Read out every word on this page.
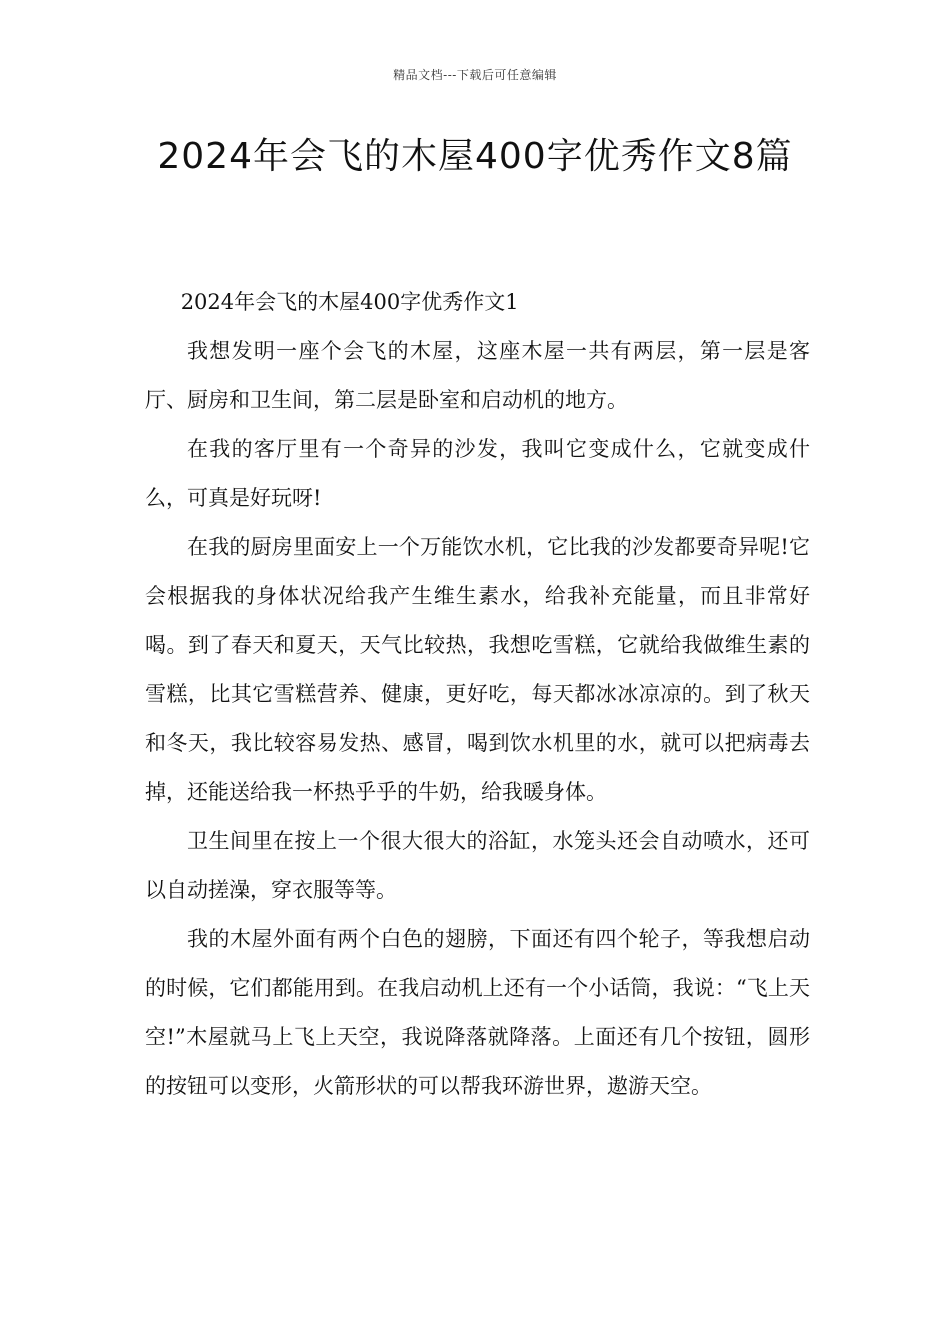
精品文档---下载后可任意编辑
2024年会飞的木屋400字优秀作文8篇

2024年会飞的木屋400字优秀作文1

我想发明一座个会飞的木屋，这座木屋一共有两层，第一层是客厅、厨房和卫生间，第二层是卧室和启动机的地方。

在我的客厅里有一个奇异的沙发，我叫它变成什么，它就变成什么，可真是好玩呀!

在我的厨房里面安上一个万能饮水机，它比我的沙发都要奇异呢!它会根据我的身体状况给我产生维生素水，给我补充能量，而且非常好喝。到了春天和夏天，天气比较热，我想吃雪糕，它就给我做维生素的雪糕，比其它雪糕营养、健康，更好吃，每天都冰冰凉凉的。到了秋天和冬天，我比较容易发热、感冒，喝到饮水机里的水，就可以把病毒去掉，还能送给我一杯热乎乎的牛奶，给我暖身体。

卫生间里在按上一个很大很大的浴缸，水笼头还会自动喷水，还可以自动搓澡，穿衣服等等。

我的木屋外面有两个白色的翅膀，下面还有四个轮子，等我想启动的时候，它们都能用到。在我启动机上还有一个小话筒，我说：“飞上天空!”木屋就马上飞上天空，我说降落就降落。上面还有几个按钮，圆形的按钮可以变形，火箭形状的可以帮我环游世界，遨游天空。
